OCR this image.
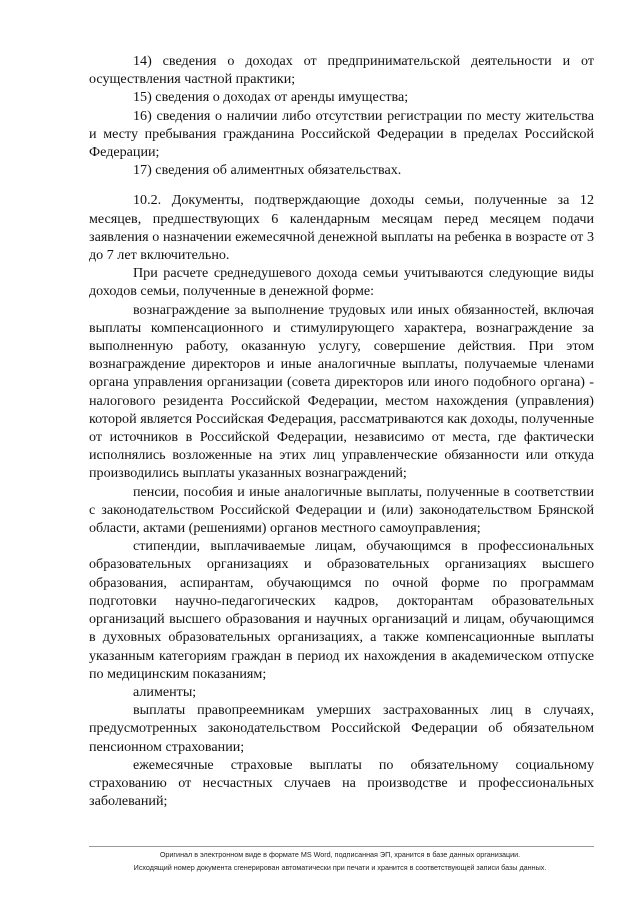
14) сведения о доходах от предпринимательской деятельности и от осуществления частной практики;

15) сведения о доходах от аренды имущества;

16) сведения о наличии либо отсутствии регистрации по месту жительства и месту пребывания гражданина Российской Федерации в пределах Российской Федерации;

17) сведения об алиментных обязательствах.

10.2. Документы, подтверждающие доходы семьи, полученные за 12 месяцев, предшествующих 6 календарным месяцам перед месяцем подачи заявления о назначении ежемесячной денежной выплаты на ребенка в возрасте от 3 до 7 лет включительно.

При расчете среднедушевого дохода семьи учитываются следующие виды доходов семьи, полученные в денежной форме:

вознаграждение за выполнение трудовых или иных обязанностей, включая выплаты компенсационного и стимулирующего характера, вознаграждение за выполненную работу, оказанную услугу, совершение действия. При этом вознаграждение директоров и иные аналогичные выплаты, получаемые членами органа управления организации (совета директоров или иного подобного органа) - налогового резидента Российской Федерации, местом нахождения (управления) которой является Российская Федерация, рассматриваются как доходы, полученные от источников в Российской Федерации, независимо от места, где фактически исполнялись возложенные на этих лиц управленческие обязанности или откуда производились выплаты указанных вознаграждений;

пенсии, пособия и иные аналогичные выплаты, полученные в соответствии с законодательством Российской Федерации и (или) законодательством Брянской области, актами (решениями) органов местного самоуправления;

стипендии, выплачиваемые лицам, обучающимся в профессиональных образовательных организациях и образовательных организациях высшего образования, аспирантам, обучающимся по очной форме по программам подготовки научно-педагогических кадров, докторантам образовательных организаций высшего образования и научных организаций и лицам, обучающимся в духовных образовательных организациях, а также компенсационные выплаты указанным категориям граждан в период их нахождения в академическом отпуске по медицинским показаниям;

алименты;

выплаты правопреемникам умерших застрахованных лиц в случаях, предусмотренных законодательством Российской Федерации об обязательном пенсионном страховании;

ежемесячные страховые выплаты по обязательному социальному страхованию от несчастных случаев на производстве и профессиональных заболеваний;

Оригинал в электронном виде в формате MS Word, подписанная ЭП, хранится в базе данных организации.
Исходящий номер документа сгенерирован автоматически при печати и хранится в соответствующей записи базы данных.
